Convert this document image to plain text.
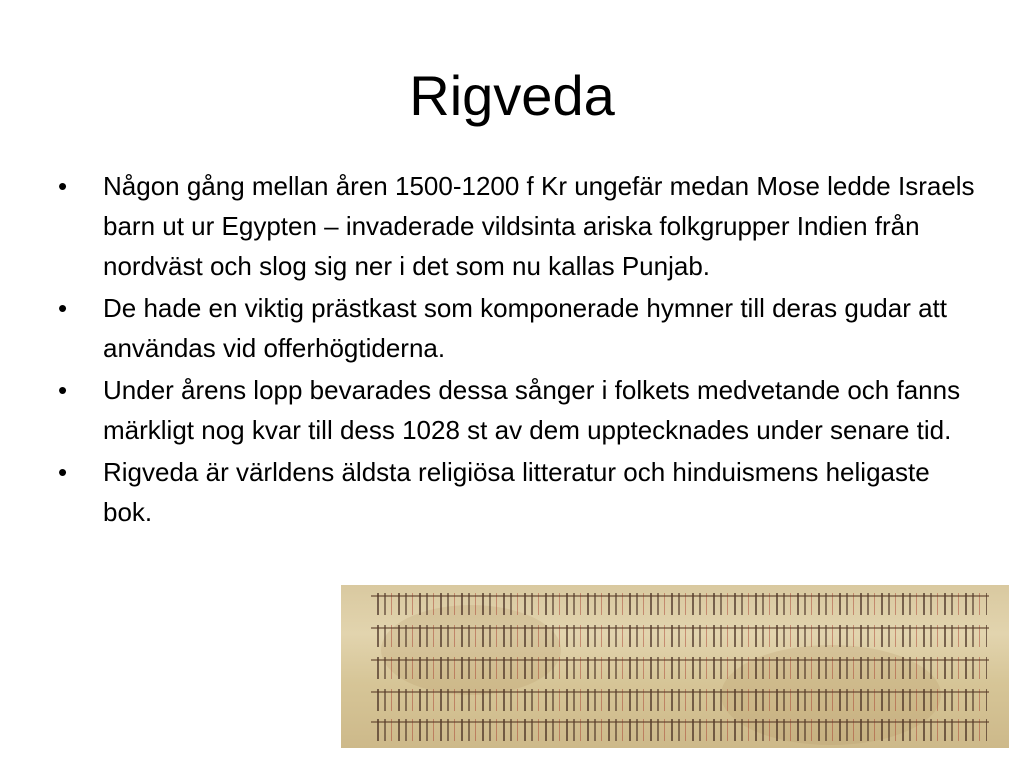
Rigveda
• Någon gång mellan åren 1500-1200 f Kr ungefär medan Mose ledde Israels barn ut ur Egypten – invaderade vildsinta ariska folkgrupper Indien från nordväst och slog sig ner i det som nu kallas Punjab.
• De hade en viktig prästkast som komponerade hymner till deras gudar att användas vid offerhögtiderna.
• Under årens lopp bevarades dessa sånger i folkets medvetande och fanns märkligt nog kvar till dess 1028 st av dem upptecknades under senare tid.
• Rigveda är världens äldsta religiösa litteratur och hinduismens heligaste bok.
